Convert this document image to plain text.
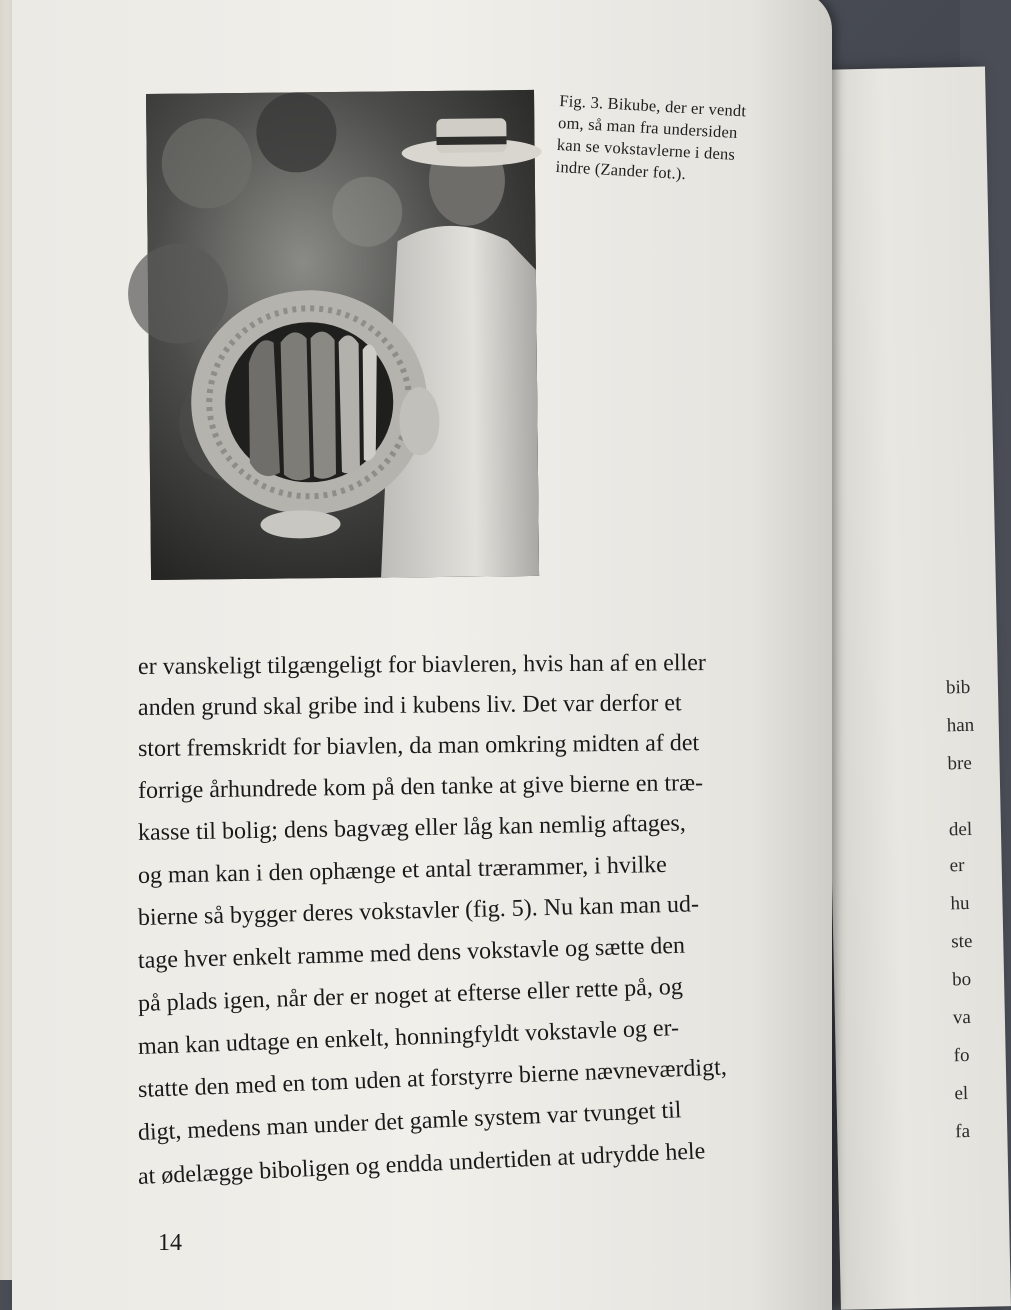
bib
han
bre
del
er
hu
ste
bo
va
fo
el
fa
Fig. 3. Bikube, der er vendt
om, så man fra undersiden
kan se vokstavlerne i dens
indre (Zander fot.).
er vanskeligt tilgængeligt for biavleren, hvis han af en eller
anden grund skal gribe ind i kubens liv. Det var derfor et
stort fremskridt for biavlen, da man omkring midten af det
forrige århundrede kom på den tanke at give bierne en træ-
kasse til bolig; dens bagvæg eller låg kan nemlig aftages,
og man kan i den ophænge et antal trærammer, i hvilke
bierne så bygger deres vokstavler (fig. 5). Nu kan man ud-
tage hver enkelt ramme med dens vokstavle og sætte den
på plads igen, når der er noget at efterse eller rette på, og
man kan udtage en enkelt, honningfyldt vokstavle og er-
statte den med en tom uden at forstyrre bierne nævneværdigt,
digt, medens man under det gamle system var tvunget til
at ødelægge biboligen og endda undertiden at udrydde hele
14
